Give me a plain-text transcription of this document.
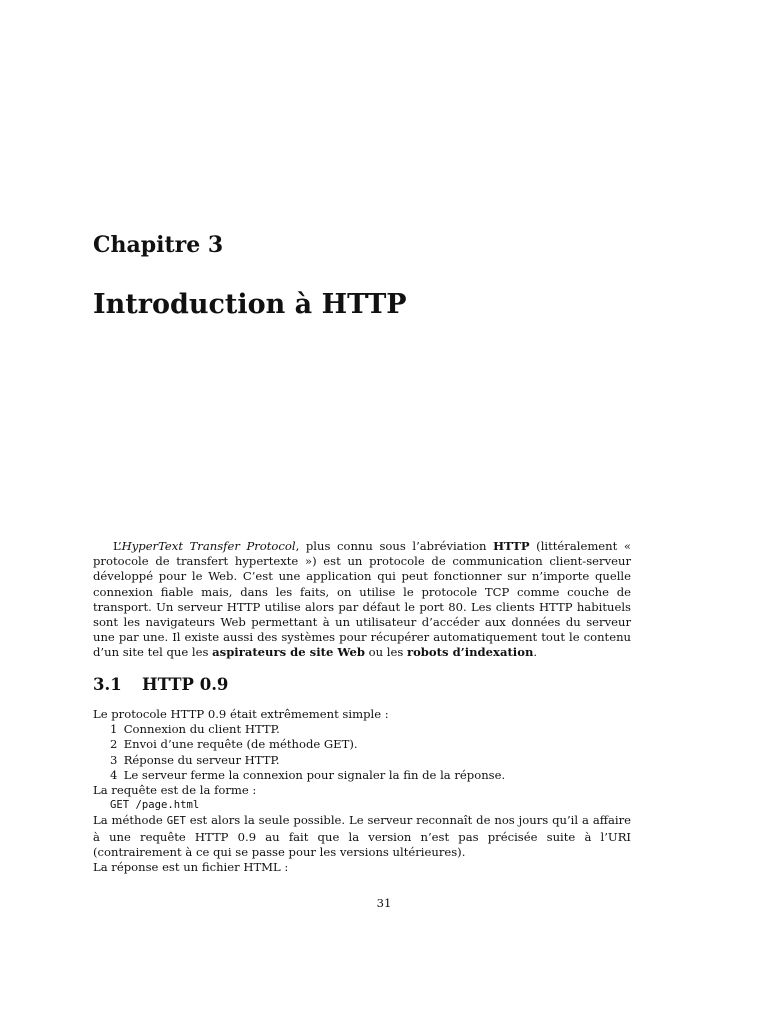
Chapitre 3
Introduction à HTTP

L’HyperText Transfer Protocol, plus connu sous l’abréviation HTTP (littéralement « protocole de transfert hypertexte ») est un protocole de communication client-serveur développé pour le Web. C’est une application qui peut fonctionner sur n’importe quelle connexion fiable mais, dans les faits, on utilise le protocole TCP comme couche de transport. Un serveur HTTP utilise alors par défaut le port 80. Les clients HTTP habituels sont les navigateurs Web permettant à un utilisateur d’accéder aux données du serveur une par une. Il existe aussi des systèmes pour récupérer automatiquement tout le contenu d’un site tel que les aspirateurs de site Web ou les robots d’indexation.

3.1 HTTP 0.9
Le protocole HTTP 0.9 était extrêmement simple :
1 Connexion du client HTTP.
2 Envoi d’une requête (de méthode GET).
3 Réponse du serveur HTTP.
4 Le serveur ferme la connexion pour signaler la fin de la réponse.
La requête est de la forme :
GET /page.html

La méthode GET est alors la seule possible. Le serveur reconnaît de nos jours qu’il a affaire à une requête HTTP 0.9 au fait que la version n’est pas précisée suite à l’URI (contrairement à ce qui se passe pour les versions ultérieures).

La réponse est un fichier HTML :
31
